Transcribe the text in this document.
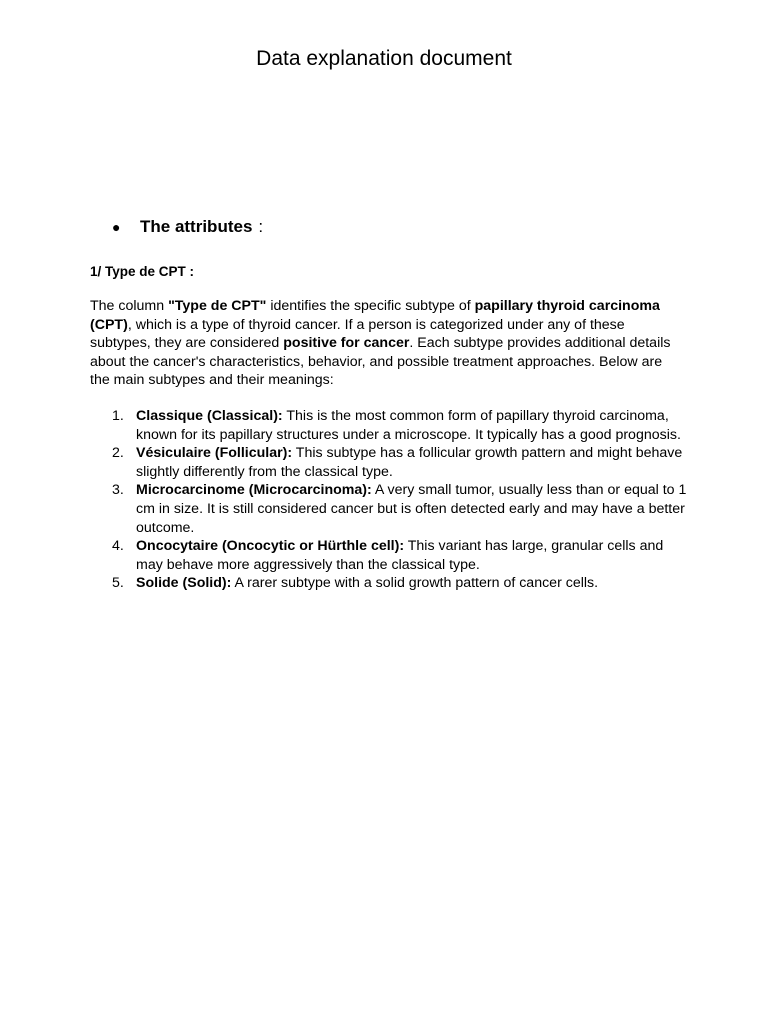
Data explanation document
● The attributes :
1/ Type de CPT :

The column "Type de CPT" identifies the specific subtype of papillary thyroid carcinoma (CPT), which is a type of thyroid cancer. If a person is categorized under any of these subtypes, they are considered positive for cancer. Each subtype provides additional details about the cancer's characteristics, behavior, and possible treatment approaches. Below are the main subtypes and their meanings:

1. Classique (Classical): This is the most common form of papillary thyroid carcinoma, known for its papillary structures under a microscope. It typically has a good prognosis.
2. Vésiculaire (Follicular): This subtype has a follicular growth pattern and might behave slightly differently from the classical type.
3. Microcarcinome (Microcarcinoma): A very small tumor, usually less than or equal to 1 cm in size. It is still considered cancer but is often detected early and may have a better outcome.
4. Oncocytaire (Oncocytic or Hürthle cell): This variant has large, granular cells and may behave more aggressively than the classical type.
5. Solide (Solid): A rarer subtype with a solid growth pattern of cancer cells.
